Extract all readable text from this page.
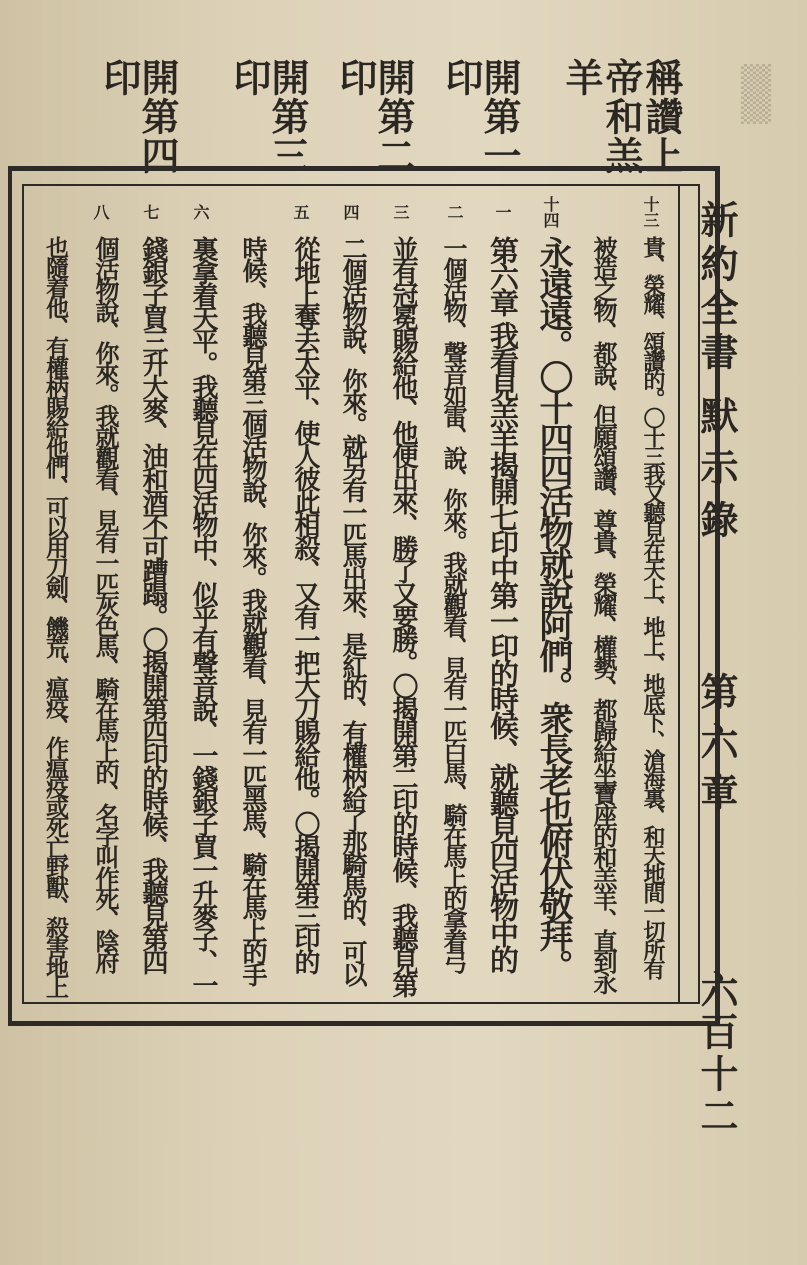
▒▒▒
稱讚上
帝和羔
羊
開第一
印
開第二
印
開第三
印
開第四
印
新約全書
默示錄
第六章
六百十二
十三
十四
一
二
三
四
五
六
七
八
貴、榮耀、頌讚的。〇十三我又聽見在天上、地上、地底下、滄海裏、和天地間一切所有
被造之物、都說、但願頌讚、尊貴、榮耀、權勢、都歸給坐寶座的和羔羊、直到永
永遠遠。〇十四四活物就說阿們。衆長老也俯伏敬拜。
第六章 我看見羔羊揭開七印中第一印的時候、就聽見四活物中的
一個活物、聲音如雷、說、你來。我就觀看、見有一匹白馬、騎在馬上的拿着弓
並有冠冕賜給他、他便出來、勝了又要勝。〇揭開第二印的時候、我聽見第
二個活物說、你來。就另有一匹馬出來、是紅的、有權柄給了那騎馬的、可以
從地上奪去太平、使人彼此相殺、又有一把大刀賜給他。〇揭開第三印的
時候、我聽見第三個活物說、你來。我就觀看、見有一匹黑馬、騎在馬上的手
裏拿着天平。我聽見在四活物中、似乎有聲音說、一錢銀子買一升麥子、一
錢銀子買三升大麥、油和酒不可蹧蹋。〇揭開第四印的時候、我聽見第四
個活物說、你來。我就觀看、見有一匹灰色馬、騎在馬上的、名字叫作死、陰府
也隨着他、有權柄賜給他們、可以用刀劍、饑荒、瘟疫、作瘟疫或死亡野獸、殺害地上
